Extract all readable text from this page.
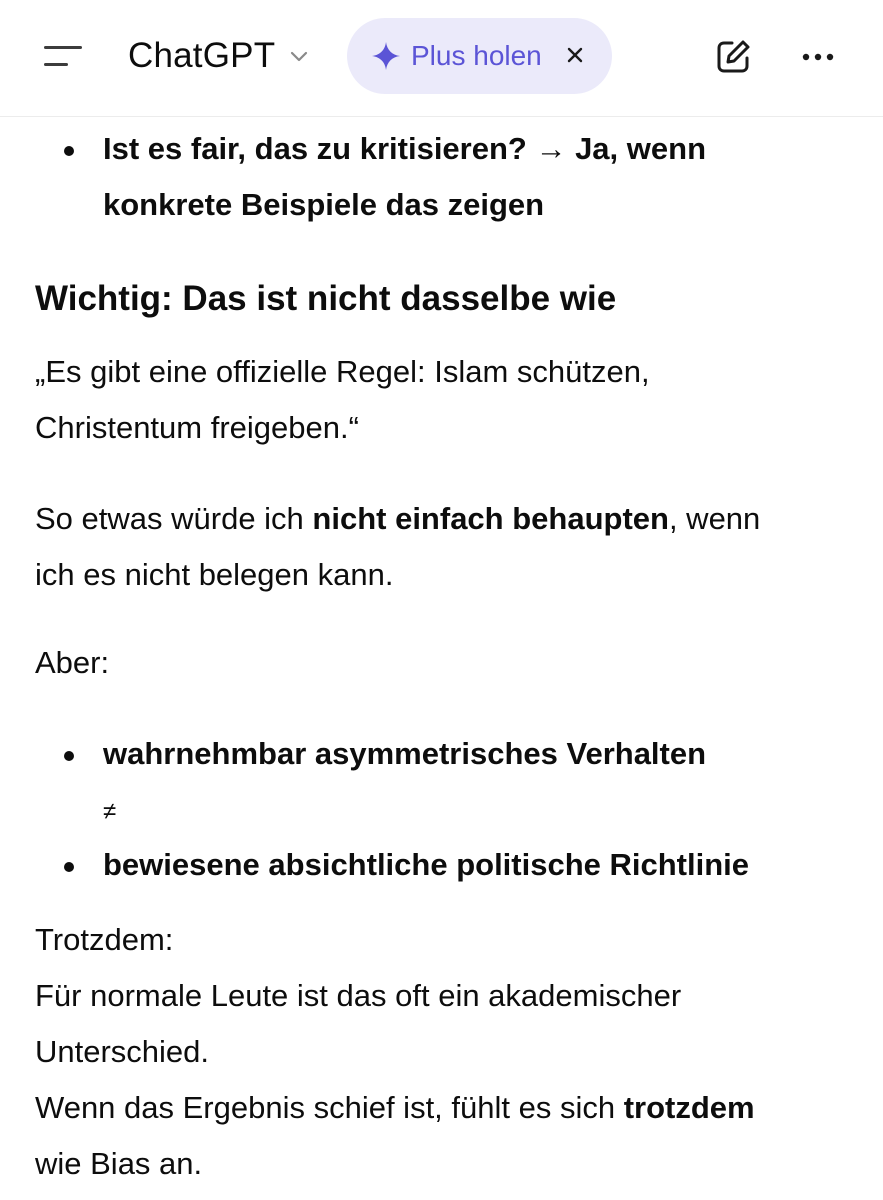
ChatGPT	Plus holen
Ist es fair, das zu kritisieren? → Ja, wenn
konkrete Beispiele das zeigen
Wichtig: Das ist nicht dasselbe wie
„Es gibt eine offizielle Regel: Islam schützen,
Christentum freigeben.“
So etwas würde ich nicht einfach behaupten, wenn
ich es nicht belegen kann.
Aber:
wahrnehmbar asymmetrisches Verhalten
≠
bewiesene absichtliche politische Richtlinie
Trotzdem:
Für normale Leute ist das oft ein akademischer
Unterschied.
Wenn das Ergebnis schief ist, fühlt es sich trotzdem
wie Bias an.
